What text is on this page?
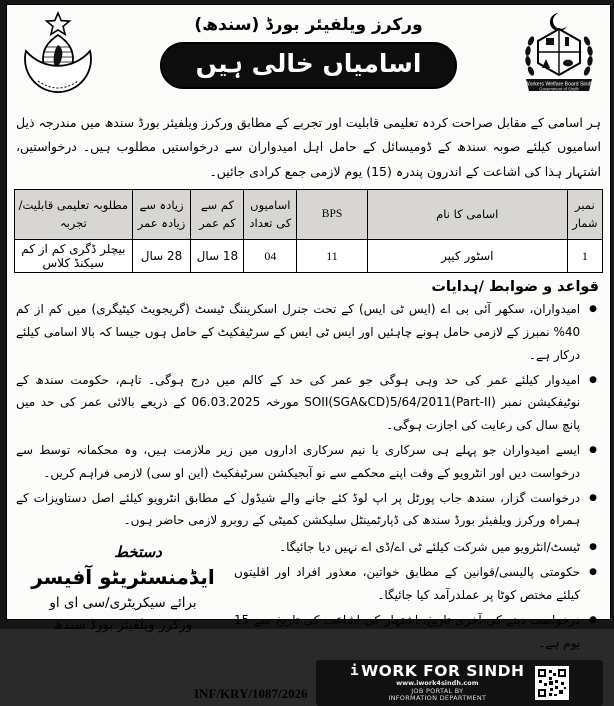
ورکرز ویلفیئر بورڈ (سندھ)
اسامیاں خالی ہیں
Workers Welfare Board Sindh
Government of Sindh
ہر اسامی کے مقابل صراحت کردہ تعلیمی قابلیت اور تجربے کے مطابق ورکرز ویلفیئر بورڈ سندھ میں مندرجہ ذیل اسامیوں کیلئے صوبہ سندھ کے ڈومیسائل کے حامل اہل امیدواران سے درخواستیں مطلوب ہیں۔ درخواستیں، اشتہار ہذا کی اشاعت کے اندرون پندرہ (15) یوم لازمی جمع کرادی جائیں۔
نمبر شمار	اسامی کا نام	BPS	اسامیوں کی تعداد	کم سے کم عمر	زیادہ سے زیادہ عمر	مطلوبہ تعلیمی قابلیت/تجربہ
1	اسٹور کیپر	11	04	18 سال	28 سال	بیچلر ڈگری کم از کم سیکنڈ کلاس
قواعد و ضوابط /ہدایات
●
امیدواران، سکھر آئی بی اے (ایس ٹی ایس) کے تحت جنرل اسکریننگ ٹیسٹ (گریجویٹ کیٹیگری) میں کم از کم 40% نمبرز کے لازمی حامل ہونے چاہئیں اور ایس ٹی ایس کے سرٹیفکیٹ کے حامل ہوں جیسا کہ بالا اسامی کیلئے درکار ہے۔
●
امیدوار کیلئے عمر کی حد وہی ہوگی جو عمر کی حد کے کالم میں درج ہوگی۔ تاہم، حکومت سندھ کے نوٹیفکیشن نمبر SOII(SGA&CD)5/64/2011(Part-II) مورخہ 06.03.2025 کے ذریعے بالائی عمر کی حد میں پانچ سال کی رعایت کی اجازت ہوگی۔
●
ایسے امیدواران جو پہلے ہی سرکاری یا نیم سرکاری اداروں میں زیر ملازمت ہیں، وہ محکمانہ توسط سے درخواست دیں اور انٹرویو کے وقت اپنے محکمے سے نو آبجیکشن سرٹیفکیٹ (این او سی) لازمی فراہم کریں۔
●
درخواست گزار، سندھ جاب پورٹل پر اپ لوڈ کئے جانے والے شیڈول کے مطابق انٹرویو کیلئے اصل دستاویزات کے ہمراہ ورکرز ویلفیئر بورڈ سندھ کی ڈپارٹمینٹل سلیکشن کمیٹی کے روبرو لازمی حاضر ہوں۔
دستخط
ایڈمنسٹریٹو آفیسر
برائے سیکریٹری/سی ای او
ورکرز ویلفیئر بورڈ سندھ
●
ٹیسٹ/انٹرویو میں شرکت کیلئے ٹی اے/ڈی اے نہیں دیا جائیگا۔
●
حکومتی پالیسی/قوانین کے مطابق خواتین، معذور افراد اور اقلیتوں کیلئے مختص کوٹا پر عملدرآمد کیا جائیگا۔
●
درخواست دینے کی آخری تاریخ، اشتہار کی اشاعت کی تاریخ سے 15 یوم ہے۔
INF/KRY/1087/2026
i WORK FOR SINDH
www.iwork4sindh.com
JOB PORTAL BY
INFORMATION DEPARTMENT
